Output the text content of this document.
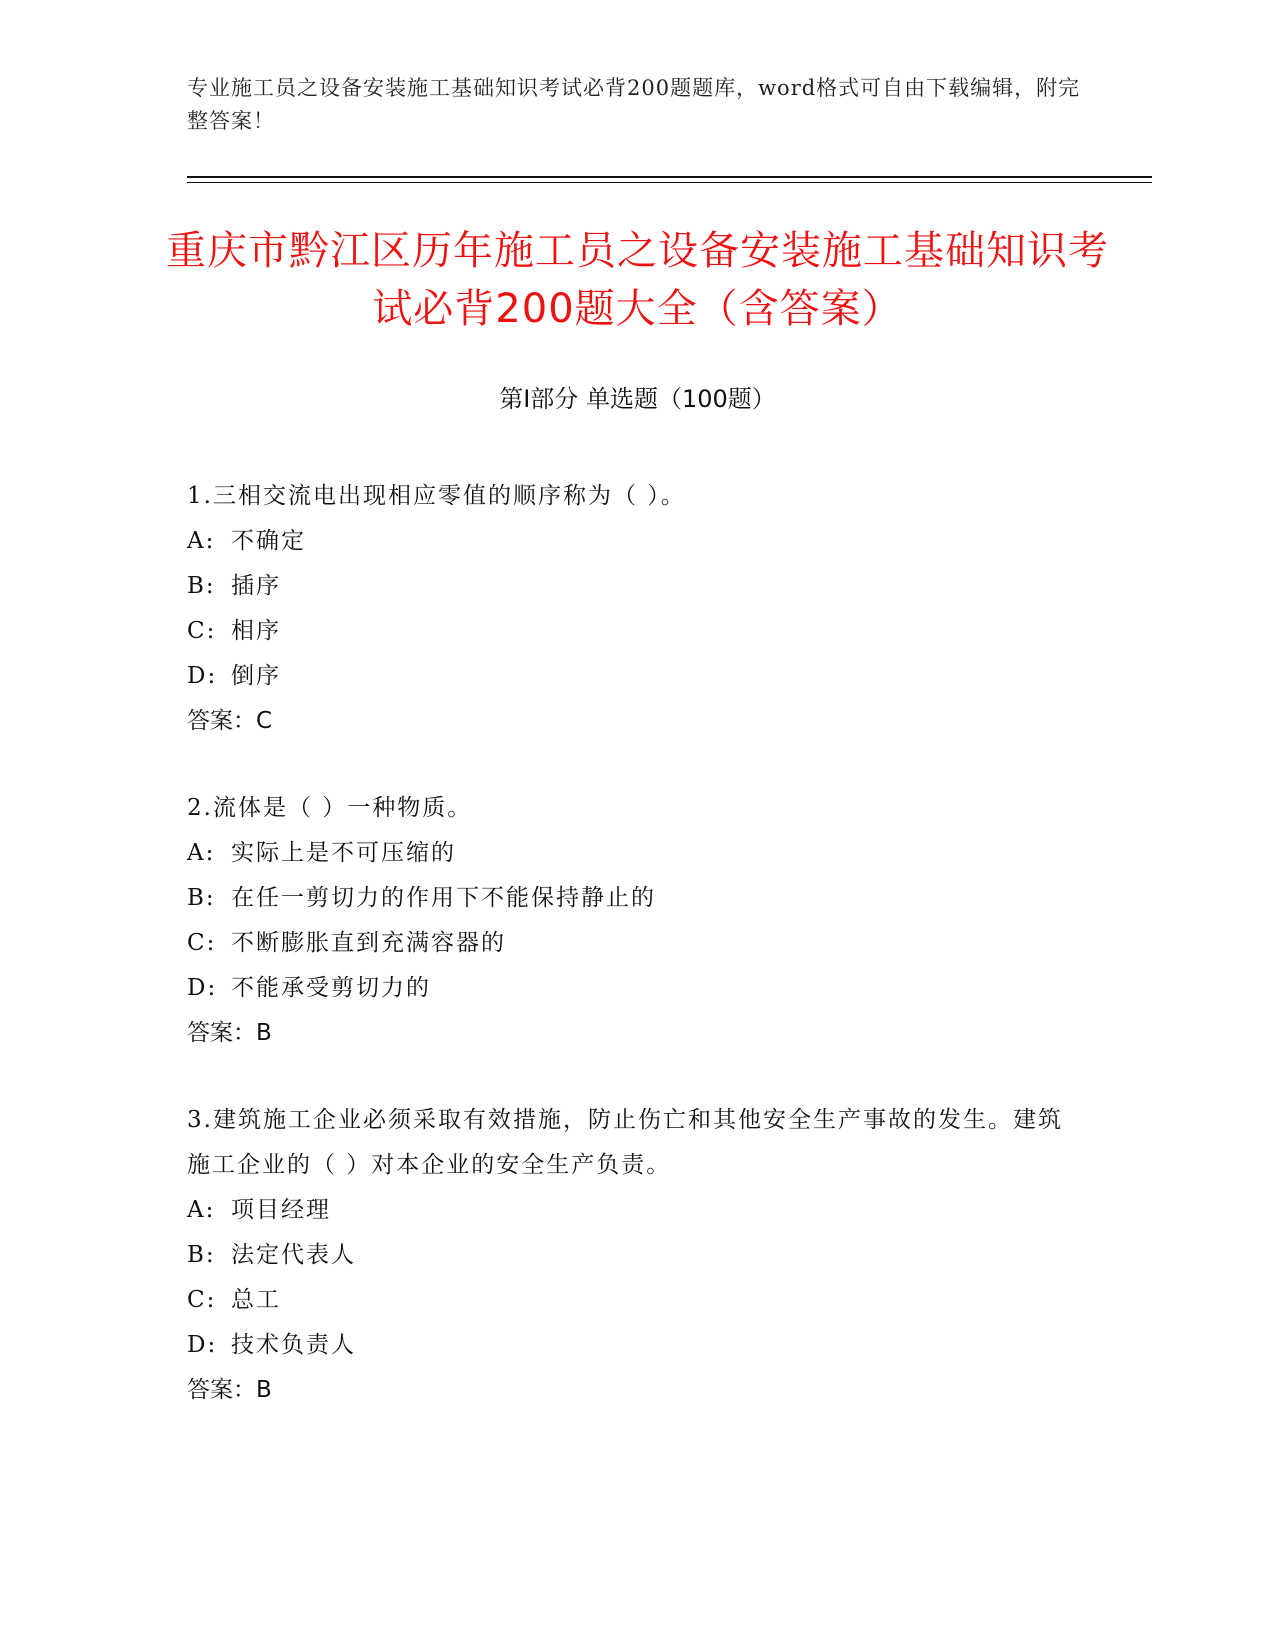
专业施工员之设备安装施工基础知识考试必背200题题库，word格式可自由下载编辑，附完整答案！
重庆市黔江区历年施工员之设备安装施工基础知识考试必背200题大全（含答案）
第I部分 单选题（100题）

1.三相交流电出现相应零值的顺序称为（ ）。

A: 不确定

B: 插序

C: 相序

D: 倒序

答案：C

2.流体是（ ）一种物质。

A: 实际上是不可压缩的

B: 在任一剪切力的作用下不能保持静止的

C: 不断膨胀直到充满容器的

D: 不能承受剪切力的

答案：B

3.建筑施工企业必须采取有效措施，防止伤亡和其他安全生产事故的发生。建筑施工企业的（ ）对本企业的安全生产负责。

A: 项目经理

B: 法定代表人

C: 总工

D: 技术负责人

答案：B
